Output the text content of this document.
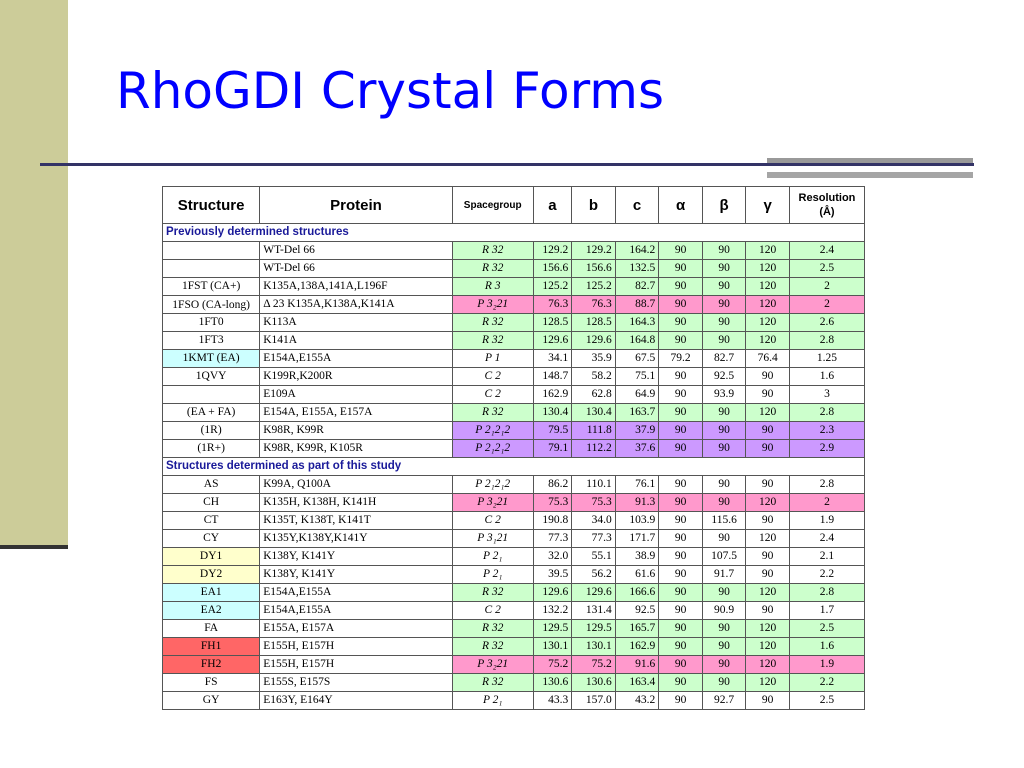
RhoGDI Crystal Forms
Structure	Protein	Spacegroup	a	b	c	α	β	γ	Resolution (Å)
Previously determined structures									
	WT-Del 66	R 32	129.2	129.2	164.2	90	90	120	2.4
	WT-Del 66	R 32	156.6	156.6	132.5	90	90	120	2.5
1FST (CA+)	K135A,138A,141A,L196F	R 3	125.2	125.2	82.7	90	90	120	2
1FSO (CA-long)	Δ 23 K135A,K138A,K141A	P 3₂21	76.3	76.3	88.7	90	90	120	2
1FT0	K113A	R 32	128.5	128.5	164.3	90	90	120	2.6
1FT3	K141A	R 32	129.6	129.6	164.8	90	90	120	2.8
1KMT (EA)	E154A,E155A	P 1	34.1	35.9	67.5	79.2	82.7	76.4	1.25
1QVY	K199R,K200R	C 2	148.7	58.2	75.1	90	92.5	90	1.6
	E109A	C 2	162.9	62.8	64.9	90	93.9	90	3
(EA + FA)	E154A, E155A, E157A	R 32	130.4	130.4	163.7	90	90	120	2.8
(1R)	K98R, K99R	P 2₁2₁2	79.5	111.8	37.9	90	90	90	2.3
(1R+)	K98R, K99R, K105R	P 2₁2₁2	79.1	112.2	37.6	90	90	90	2.9
Structures determined as part of this study									
AS	K99A, Q100A	P 2₁2₁2	86.2	110.1	76.1	90	90	90	2.8
CH	K135H, K138H, K141H	P 3₂21	75.3	75.3	91.3	90	90	120	2
CT	K135T, K138T, K141T	C 2	190.8	34.0	103.9	90	115.6	90	1.9
CY	K135Y,K138Y,K141Y	P 3₁21	77.3	77.3	171.7	90	90	120	2.4
DY1	K138Y, K141Y	P 2₁	32.0	55.1	38.9	90	107.5	90	2.1
DY2	K138Y, K141Y	P 2₁	39.5	56.2	61.6	90	91.7	90	2.2
EA1	E154A,E155A	R 32	129.6	129.6	166.6	90	90	120	2.8
EA2	E154A,E155A	C 2	132.2	131.4	92.5	90	90.9	90	1.7
FA	E155A, E157A	R 32	129.5	129.5	165.7	90	90	120	2.5
FH1	E155H, E157H	R 32	130.1	130.1	162.9	90	90	120	1.6
FH2	E155H, E157H	P 3₂21	75.2	75.2	91.6	90	90	120	1.9
FS	E155S, E157S	R 32	130.6	130.6	163.4	90	90	120	2.2
GY	E163Y, E164Y	P 2₁	43.3	157.0	43.2	90	92.7	90	2.5
